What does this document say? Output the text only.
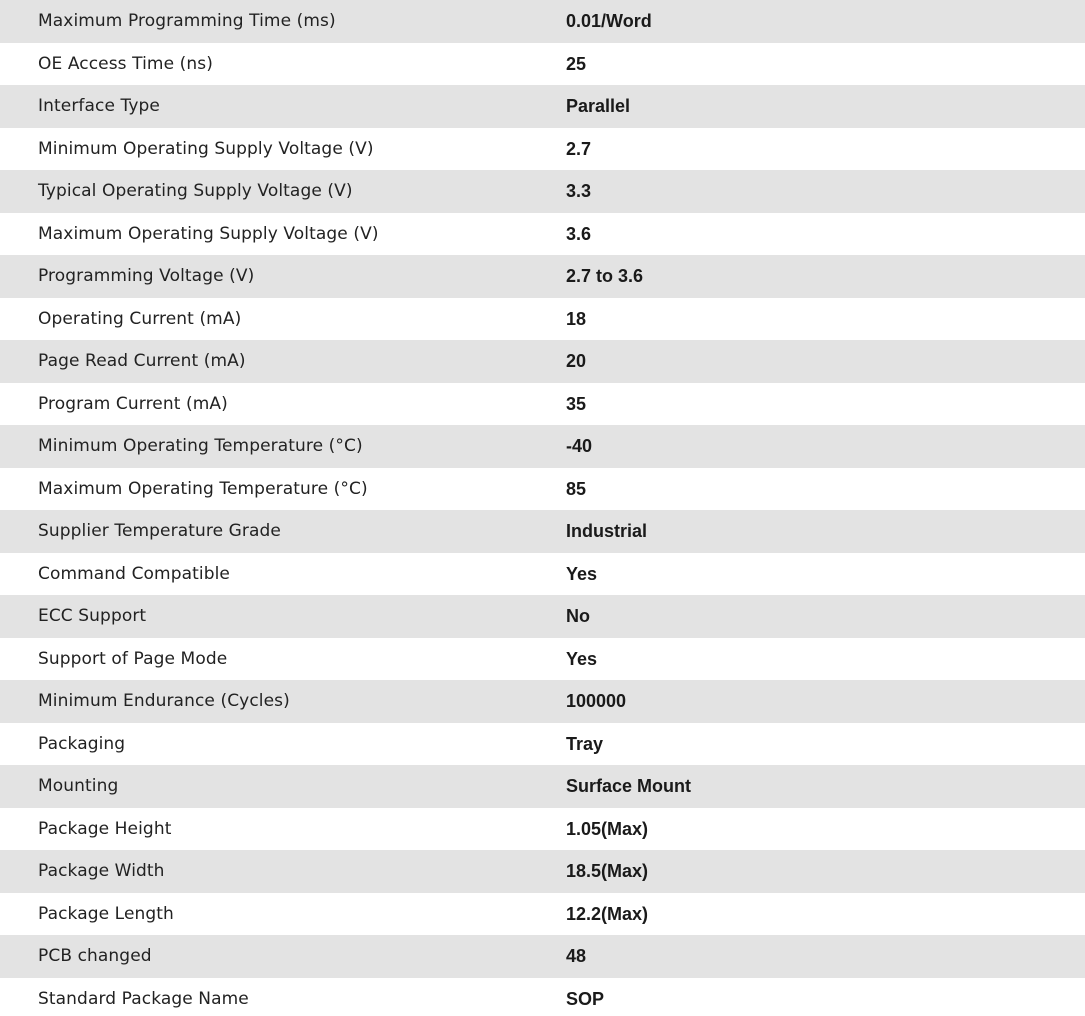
Maximum Programming Time (ms)	0.01/Word
OE Access Time (ns)	25
Interface Type	Parallel
Minimum Operating Supply Voltage (V)	2.7
Typical Operating Supply Voltage (V)	3.3
Maximum Operating Supply Voltage (V)	3.6
Programming Voltage (V)	2.7 to 3.6
Operating Current (mA)	18
Page Read Current (mA)	20
Program Current (mA)	35
Minimum Operating Temperature (°C)	-40
Maximum Operating Temperature (°C)	85
Supplier Temperature Grade	Industrial
Command Compatible	Yes
ECC Support	No
Support of Page Mode	Yes
Minimum Endurance (Cycles)	100000
Packaging	Tray
Mounting	Surface Mount
Package Height	1.05(Max)
Package Width	18.5(Max)
Package Length	12.2(Max)
PCB changed	48
Standard Package Name	SOP
